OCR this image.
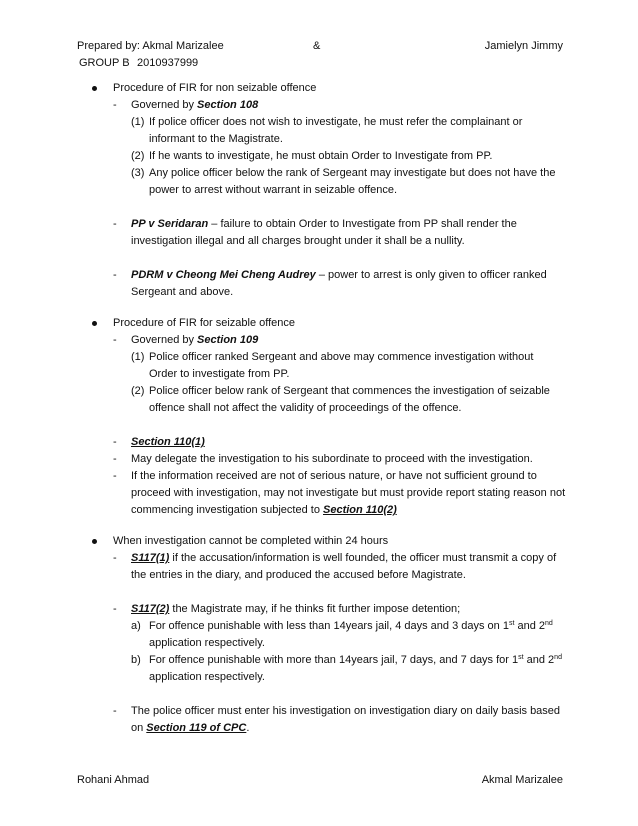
Prepared by: Akmal Marizalee	&	Jamielyn Jimmy
GROUP B 2010937999
Procedure of FIR for non seizable offence
- Governed by Section 108
(1) If police officer does not wish to investigate, he must refer the complainant or informant to the Magistrate.
(2) If he wants to investigate, he must obtain Order to Investigate from PP.
(3) Any police officer below the rank of Sergeant may investigate but does not have the power to arrest without warrant in seizable offence.
- PP v Seridaran – failure to obtain Order to Investigate from PP shall render the investigation illegal and all charges brought under it shall be a nullity.
- PDRM v Cheong Mei Cheng Audrey – power to arrest is only given to officer ranked Sergeant and above.
Procedure of FIR for seizable offence
- Governed by Section 109
(1) Police officer ranked Sergeant and above may commence investigation without Order to investigate from PP.
(2) Police officer below rank of Sergeant that commences the investigation of seizable offence shall not affect the validity of proceedings of the offence.
- Section 110(1)
- May delegate the investigation to his subordinate to proceed with the investigation.
- If the information received are not of serious nature, or have not sufficient ground to proceed with investigation, may not investigate but must provide report stating reason not commencing investigation subjected to Section 110(2)
When investigation cannot be completed within 24 hours
- S117(1) if the accusation/information is well founded, the officer must transmit a copy of the entries in the diary, and produced the accused before Magistrate.
- S117(2) the Magistrate may, if he thinks fit further impose detention;
a) For offence punishable with less than 14years jail, 4 days and 3 days on 1st and 2nd application respectively.
b) For offence punishable with more than 14years jail, 7 days, and 7 days for 1st and 2nd application respectively.
- The police officer must enter his investigation on investigation diary on daily basis based on Section 119 of CPC.
Rohani Ahmad	Akmal Marizalee
